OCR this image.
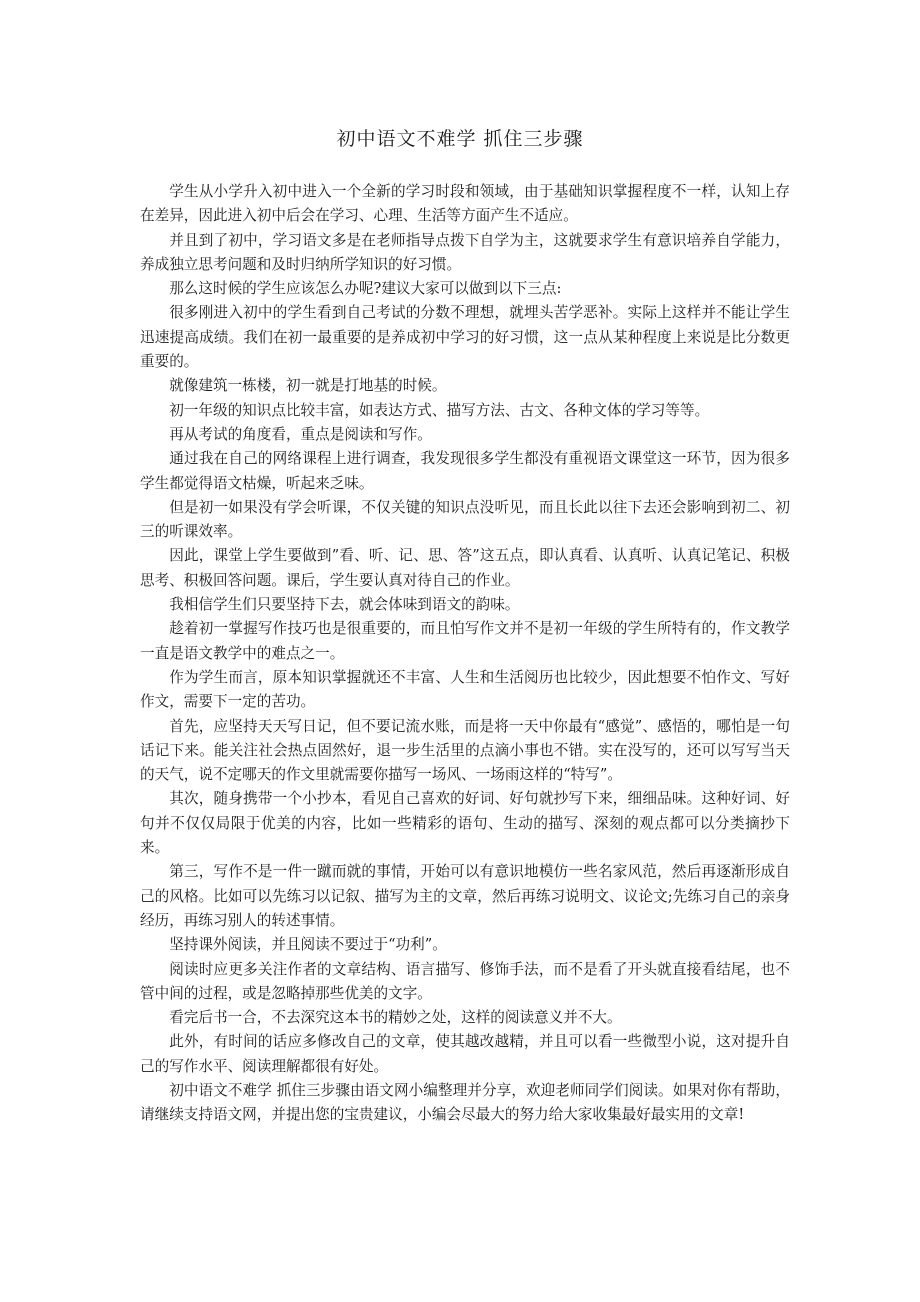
初中语文不难学 抓住三步骤

学生从小学升入初中进入一个全新的学习时段和领域，由于基础知识掌握程度不一样，认知上存在差异，因此进入初中后会在学习、心理、生活等方面产生不适应。

并且到了初中，学习语文多是在老师指导点拨下自学为主，这就要求学生有意识培养自学能力，养成独立思考问题和及时归纳所学知识的好习惯。

那么这时候的学生应该怎么办呢?建议大家可以做到以下三点:

很多刚进入初中的学生看到自己考试的分数不理想，就埋头苦学恶补。实际上这样并不能让学生迅速提高成绩。我们在初一最重要的是养成初中学习的好习惯，这一点从某种程度上来说是比分数更重要的。

就像建筑一栋楼，初一就是打地基的时候。

初一年级的知识点比较丰富，如表达方式、描写方法、古文、各种文体的学习等等。

再从考试的角度看，重点是阅读和写作。

通过我在自己的网络课程上进行调查，我发现很多学生都没有重视语文课堂这一环节，因为很多学生都觉得语文枯燥，听起来乏味。

但是初一如果没有学会听课，不仅关键的知识点没听见，而且长此以往下去还会影响到初二、初三的听课效率。

因此，课堂上学生要做到”看、听、记、思、答”这五点，即认真看、认真听、认真记笔记、积极思考、积极回答问题。课后，学生要认真对待自己的作业。

我相信学生们只要坚持下去，就会体味到语文的韵味。

趁着初一掌握写作技巧也是很重要的，而且怕写作文并不是初一年级的学生所特有的，作文教学一直是语文教学中的难点之一。

作为学生而言，原本知识掌握就还不丰富、人生和生活阅历也比较少，因此想要不怕作文、写好作文，需要下一定的苦功。

首先，应坚持天天写日记，但不要记流水账，而是将一天中你最有“感觉”、感悟的，哪怕是一句话记下来。能关注社会热点固然好，退一步生活里的点滴小事也不错。实在没写的，还可以写写当天的天气，说不定哪天的作文里就需要你描写一场风、一场雨这样的“特写”。

其次，随身携带一个小抄本，看见自己喜欢的好词、好句就抄写下来，细细品味。这种好词、好句并不仅仅局限于优美的内容，比如一些精彩的语句、生动的描写、深刻的观点都可以分类摘抄下来。

第三，写作不是一件一蹴而就的事情，开始可以有意识地模仿一些名家风范，然后再逐渐形成自己的风格。比如可以先练习以记叙、描写为主的文章，然后再练习说明文、议论文;先练习自己的亲身经历，再练习别人的转述事情。

坚持课外阅读，并且阅读不要过于“功利”。

阅读时应更多关注作者的文章结构、语言描写、修饰手法，而不是看了开头就直接看结尾，也不管中间的过程，或是忽略掉那些优美的文字。

看完后书一合，不去深究这本书的精妙之处，这样的阅读意义并不大。

此外，有时间的话应多修改自己的文章，使其越改越精，并且可以看一些微型小说，这对提升自己的写作水平、阅读理解都很有好处。

初中语文不难学 抓住三步骤由语文网小编整理并分享，欢迎老师同学们阅读。如果对你有帮助，请继续支持语文网，并提出您的宝贵建议，小编会尽最大的努力给大家收集最好最实用的文章!
